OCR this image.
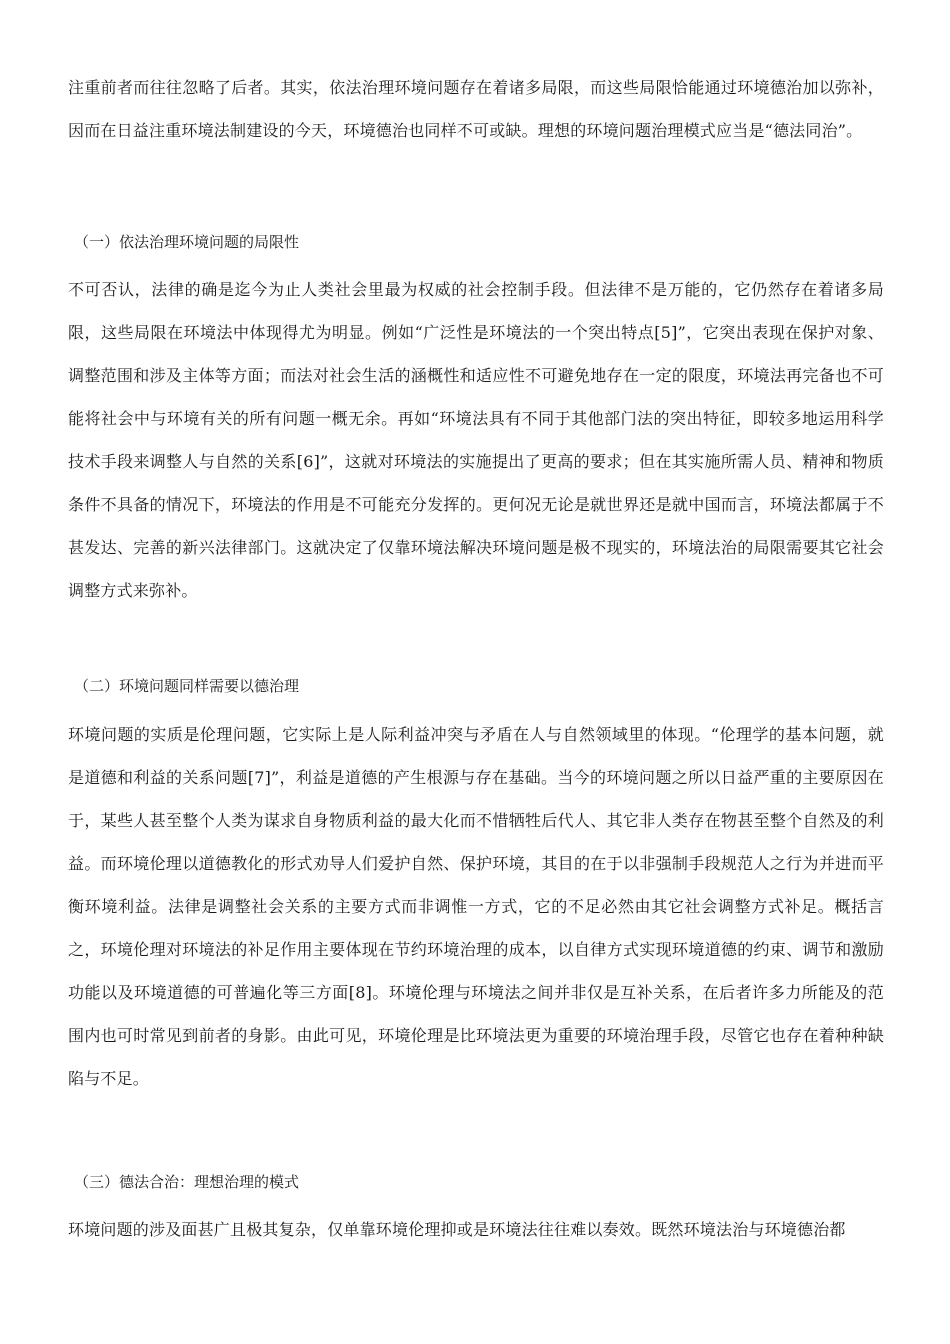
注重前者而往往忽略了后者。其实，依法治理环境问题存在着诸多局限，而这些局限恰能通过环境德治加以弥补，因而在日益注重环境法制建设的今天，环境德治也同样不可或缺。理想的环境问题治理模式应当是“德法同治”。
（一）依法治理环境问题的局限性
不可否认，法律的确是迄今为止人类社会里最为权威的社会控制手段。但法律不是万能的，它仍然存在着诸多局限，这些局限在环境法中体现得尤为明显。例如“广泛性是环境法的一个突出特点[5]”，它突出表现在保护对象、调整范围和涉及主体等方面；而法对社会生活的涵概性和适应性不可避免地存在一定的限度，环境法再完备也不可能将社会中与环境有关的所有问题一概无余。再如“环境法具有不同于其他部门法的突出特征，即较多地运用科学技术手段来调整人与自然的关系[6]”，这就对环境法的实施提出了更高的要求；但在其实施所需人员、精神和物质条件不具备的情况下，环境法的作用是不可能充分发挥的。更何况无论是就世界还是就中国而言，环境法都属于不甚发达、完善的新兴法律部门。这就决定了仅靠环境法解决环境问题是极不现实的，环境法治的局限需要其它社会调整方式来弥补。
（二）环境问题同样需要以德治理
环境问题的实质是伦理问题，它实际上是人际利益冲突与矛盾在人与自然领域里的体现。“伦理学的基本问题，就是道德和利益的关系问题[7]”，利益是道德的产生根源与存在基础。当今的环境问题之所以日益严重的主要原因在于，某些人甚至整个人类为谋求自身物质利益的最大化而不惜牺牲后代人、其它非人类存在物甚至整个自然及的利益。而环境伦理以道德教化的形式劝导人们爱护自然、保护环境，其目的在于以非强制手段规范人之行为并进而平衡环境利益。法律是调整社会关系的主要方式而非调惟一方式，它的不足必然由其它社会调整方式补足。概括言之，环境伦理对环境法的补足作用主要体现在节约环境治理的成本，以自律方式实现环境道德的约束、调节和激励功能以及环境道德的可普遍化等三方面[8]。环境伦理与环境法之间并非仅是互补关系，在后者许多力所能及的范围内也可时常见到前者的身影。由此可见，环境伦理是比环境法更为重要的环境治理手段，尽管它也存在着种种缺陷与不足。
（三）德法合治：理想治理的模式
环境问题的涉及面甚广且极其复杂，仅单靠环境伦理抑或是环境法往往难以奏效。既然环境法治与环境德治都
